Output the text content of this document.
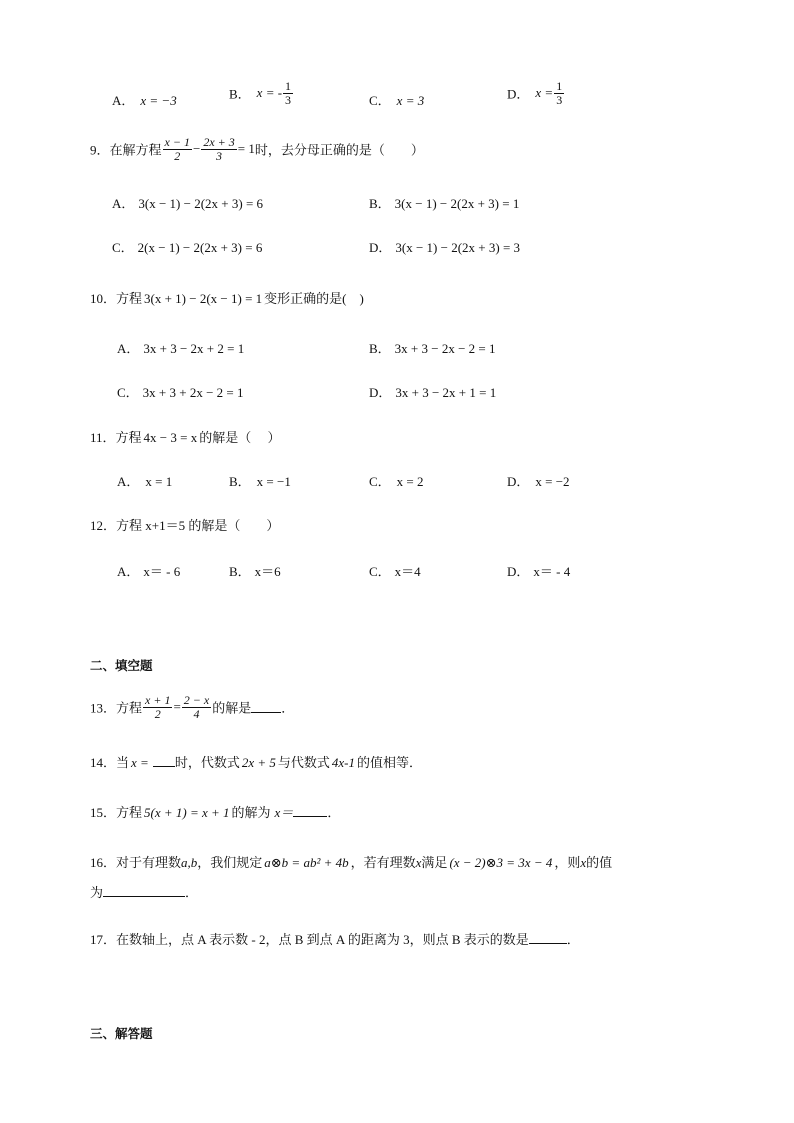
A． x = −3	B． x = - $\frac{1}{3}$	C． x = 3	D． $x = \frac{1}{3}$
9．在解方程 $\frac{x - 1}{2} - \frac{2x + 3}{3} = 1$时，去分母正确的是（　　）
A． 3(x − 1) − 2(2x + 3) = 6	B． 3(x − 1) − 2(2x + 3) = 1
C． 2(x − 1) − 2(2x + 3) = 6	D． 3(x − 1) − 2(2x + 3) = 3
10．方程 3(x + 1) − 2(x − 1) = 1 变形正确的是(　)
A． 3x + 3 − 2x + 2 = 1	B． 3x + 3 − 2x − 2 = 1
C． 3x + 3 + 2x − 2 = 1	D． 3x + 3 − 2x + 1 = 1
11．方程 4x − 3 = x 的解是（　 ）
A． x = 1	B． x = −1	C． x = 2	D． x = −2
12．方程 x+1＝5 的解是（　　）
A． x＝ - 6	B． x＝6	C． x＝4	D． x＝ - 4
二、填空题
13．方程 $\frac{x + 1}{2} = \frac{2 - x}{4}$ 的解是 ．
14．当 x = 时，代数式 2x + 5 与代数式 4x-1 的值相等．
15．方程 5(x + 1) = x + 1 的解为 x＝	．
16．对于有理数a,b，我们规定 a⊗b = ab² + 4b ，若有理数x满足 (x − 2)⊗3 = 3x − 4 ，则x的值
为	．
17．在数轴上，点 A 表示数 - 2，点 B 到点 A 的距离为 3，则点 B 表示的数是	．
三、解答题
